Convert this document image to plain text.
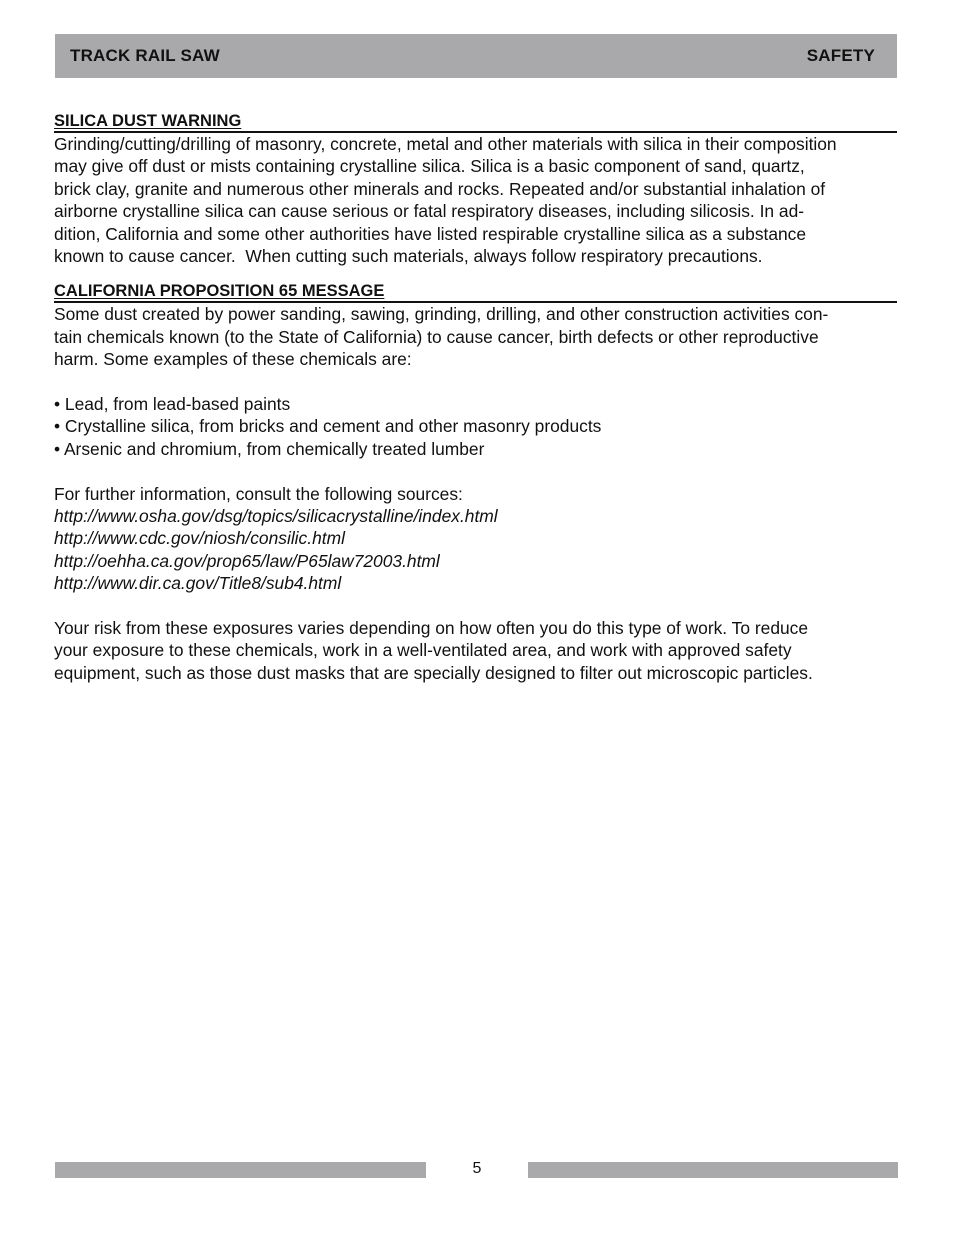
TRACK RAIL SAW	SAFETY
SILICA DUST WARNING

Grinding/cutting/drilling of masonry, concrete, metal and other materials with silica in their composition
may give off dust or mists containing crystalline silica. Silica is a basic component of sand, quartz,
brick clay, granite and numerous other minerals and rocks. Repeated and/or substantial inhalation of
airborne crystalline silica can cause serious or fatal respiratory diseases, including silicosis. In ad-
dition, California and some other authorities have listed respirable crystalline silica as a substance
known to cause cancer.  When cutting such materials, always follow respiratory precautions.

CALIFORNIA PROPOSITION 65 MESSAGE

Some dust created by power sanding, sawing, grinding, drilling, and other construction activities con-
tain chemicals known (to the State of California) to cause cancer, birth defects or other reproductive
harm. Some examples of these chemicals are:

• Lead, from lead-based paints
• Crystalline silica, from bricks and cement and other masonry products
• Arsenic and chromium, from chemically treated lumber

For further information, consult the following sources:

http://www.osha.gov/dsg/topics/silicacrystalline/index.html
http://www.cdc.gov/niosh/consilic.html
http://oehha.ca.gov/prop65/law/P65law72003.html
http://www.dir.ca.gov/Title8/sub4.html

Your risk from these exposures varies depending on how often you do this type of work. To reduce
your exposure to these chemicals, work in a well-ventilated area, and work with approved safety
equipment, such as those dust masks that are specially designed to filter out microscopic particles.

5
